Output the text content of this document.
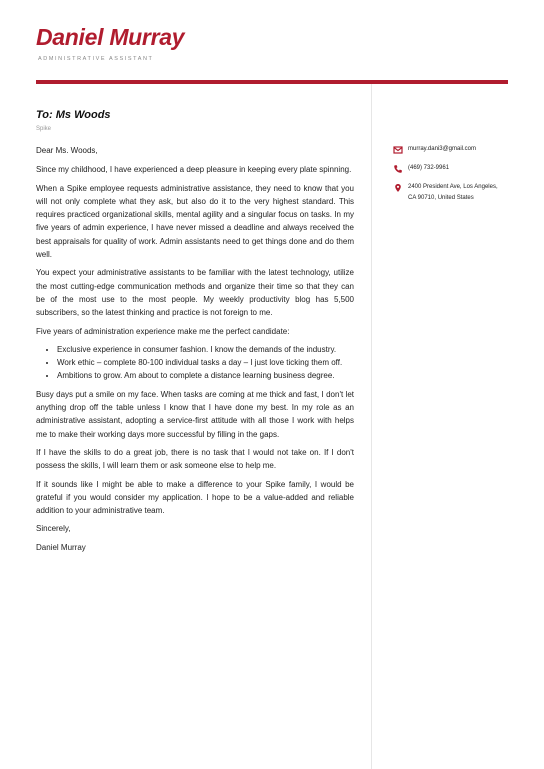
Daniel Murray
ADMINISTRATIVE ASSISTANT

To: Ms Woods

Spike

Dear Ms. Woods,

Since my childhood, I have experienced a deep pleasure in keeping every plate spinning.

When a Spike employee requests administrative assistance, they need to know that you will not only complete what they ask, but also do it to the very highest standard. This requires practiced organizational skills, mental agility and a singular focus on tasks. In my five years of admin experience, I have never missed a deadline and always received the best appraisals for quality of work. Admin assistants need to get things done and do them well.

You expect your administrative assistants to be familiar with the latest technology, utilize the most cutting-edge communication methods and organize their time so that they can be of the most use to the most people. My weekly productivity blog has 5,500 subscribers, so the latest thinking and practice is not foreign to me.

Five years of administration experience make me the perfect candidate:

• Exclusive experience in consumer fashion. I know the demands of the industry.
• Work ethic – complete 80-100 individual tasks a day – I just love ticking them off.
• Ambitions to grow. Am about to complete a distance learning business degree.

Busy days put a smile on my face. When tasks are coming at me thick and fast, I don't let anything drop off the table unless I know that I have done my best. In my role as an administrative assistant, adopting a service-first attitude with all those I work with helps me to make their working days more successful by filling in the gaps.

If I have the skills to do a great job, there is no task that I would not take on. If I don't possess the skills, I will learn them or ask someone else to help me.

If it sounds like I might be able to make a difference to your Spike family, I would be grateful if you would consider my application. I hope to be a value-added and reliable addition to your administrative team.

Sincerely,

Daniel Murray

murray.dani3@gmail.com
(469) 732-9961
2400 President Ave, Los Angeles,
CA 90710, United States
